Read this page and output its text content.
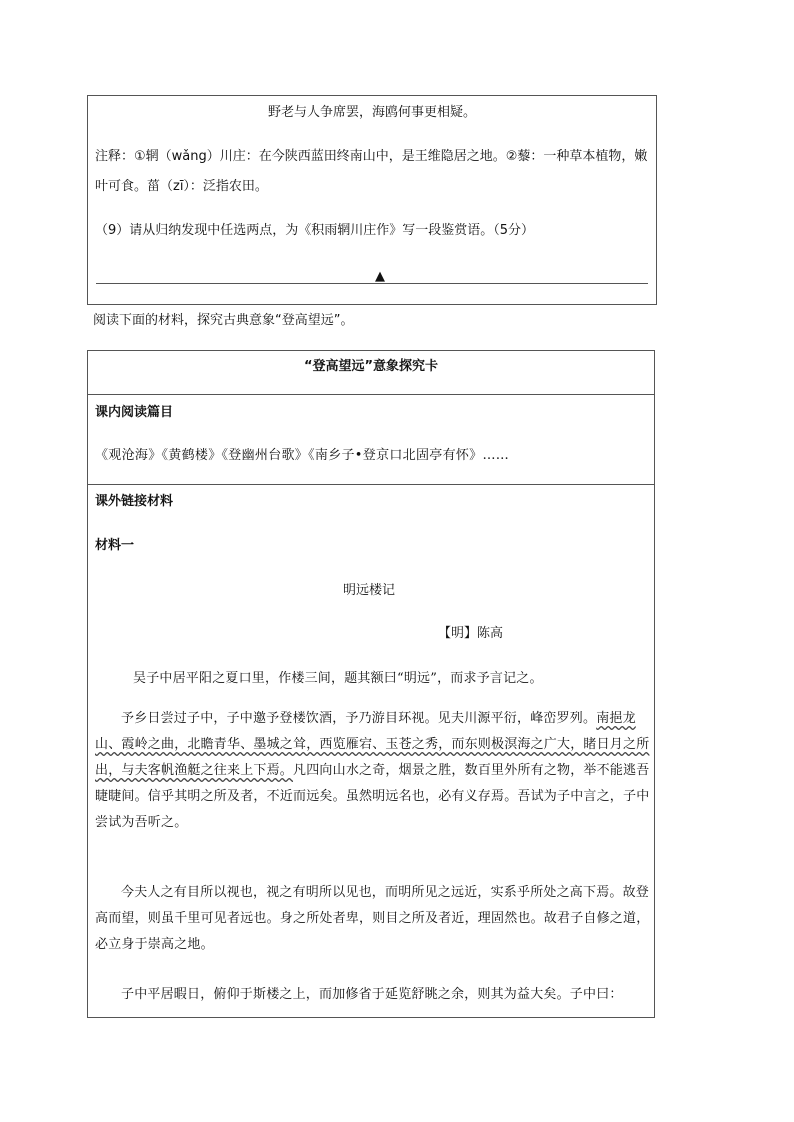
野老与人争席罢，海鸥何事更相疑。
注释：①辋（wǎng）川庄：在今陕西蓝田终南山中，是王维隐居之地。②藜：一种草本植物，嫩
叶可食。菑（zī）：泛指农田。
（9）请从归纳发现中任选两点，为《积雨辋川庄作》写一段鉴赏语。（5分）
▲
阅读下面的材料，探究古典意象“登高望远”。
“登高望远”意象探究卡
课内阅读篇目
《观沧海》《黄鹤楼》《登幽州台歌》《南乡子•登京口北固亭有怀》……
课外链接材料
材料一
明远楼记
【明】陈高
吴子中居平阳之夏口里，作楼三间，题其额曰“明远”，而求予言记之。
予乡日尝过子中，子中邀予登楼饮酒，予乃游目环视。见夫川源平衍，峰峦罗列。南挹龙山、霞岭之曲，北瞻青华、墨城之耸，西览雁宕、玉苍之秀，而东则极溟海之广大，睹日月之所出，与夫客帆渔艇之往来上下焉。凡四向山水之奇，烟景之胜，数百里外所有之物，举不能逃吾睫睫间。信乎其明之所及者，不近而远矣。虽然明远名也，必有义存焉。吾试为子中言之，子中尝试为吾听之。
今夫人之有目所以视也，视之有明所以见也，而明所见之远近，实系乎所处之高下焉。故登高而望，则虽千里可见者远也。身之所处者卑，则目之所及者近，理固然也。故君子自修之道，必立身于崇高之地。
子中平居暇日，俯仰于斯楼之上，而加修省于延览舒眺之余，则其为益大矣。子中曰：
